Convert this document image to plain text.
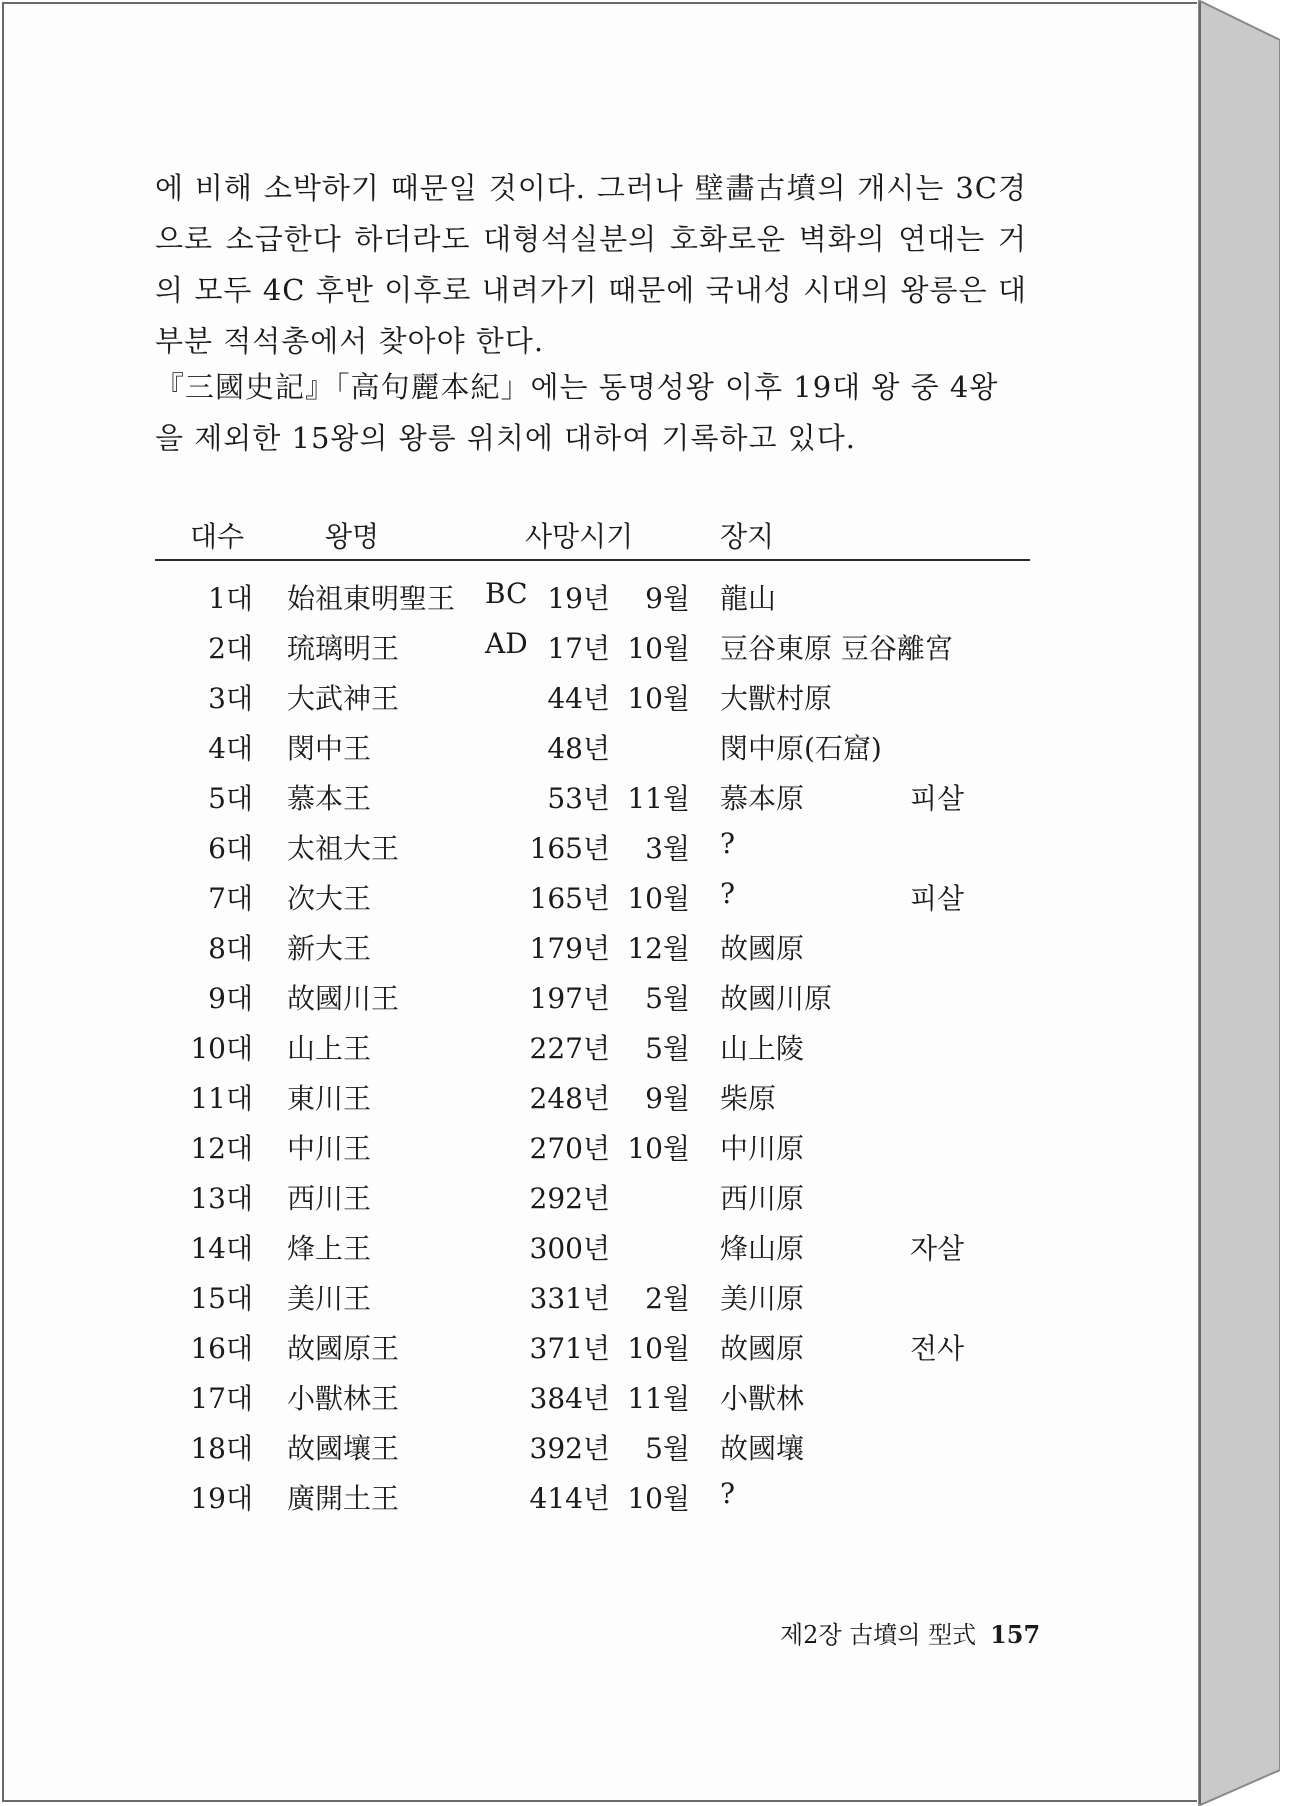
에 비해 소박하기 때문일 것이다. 그러나 壁畵古墳의 개시는 3C경으로 소급한다 하더라도 대형석실분의 호화로운 벽화의 연대는 거의 모두 4C 후반 이후로 내려가기 때문에 국내성 시대의 왕릉은 대부분 적석총에서 찾아야 한다.
『三國史記』「高句麗本紀」에는 동명성왕 이후 19대 왕 중 4왕을 제외한 15왕의 왕릉 위치에 대하여 기록하고 있다.
대수	왕명	사망시기	장지
1대 始祖東明聖王 BC 19년	9월 龍山
2대 琉璃明王	AD 17년 10월 豆谷東原 豆谷離宮
3대 大武神王	44년 10월 大獸村原
4대 閔中王	48년	閔中原(石窟)
5대 慕本王	53년 11월 慕本原	피살
6대 太祖大王	165년	3월 ?
7대 次大王	165년 10월 ?	피살
8대 新大王	179년 12월 故國原
9대 故國川王	197년	5월 故國川原
10대 山上王	227년	5월 山上陵
11대 東川王	248년	9월 柴原
12대 中川王	270년 10월 中川原
13대 西川王	292년	西川原
14대 烽上王	300년	烽山原	자살
15대 美川王	331년	2월 美川原
16대 故國原王	371년 10월 故國原	전사
17대 小獸林王	384년 11월 小獸林
18대 故國壤王	392년	5월 故國壤
19대 廣開土王	414년 10월 ?
제2장 古墳의 型式 157
